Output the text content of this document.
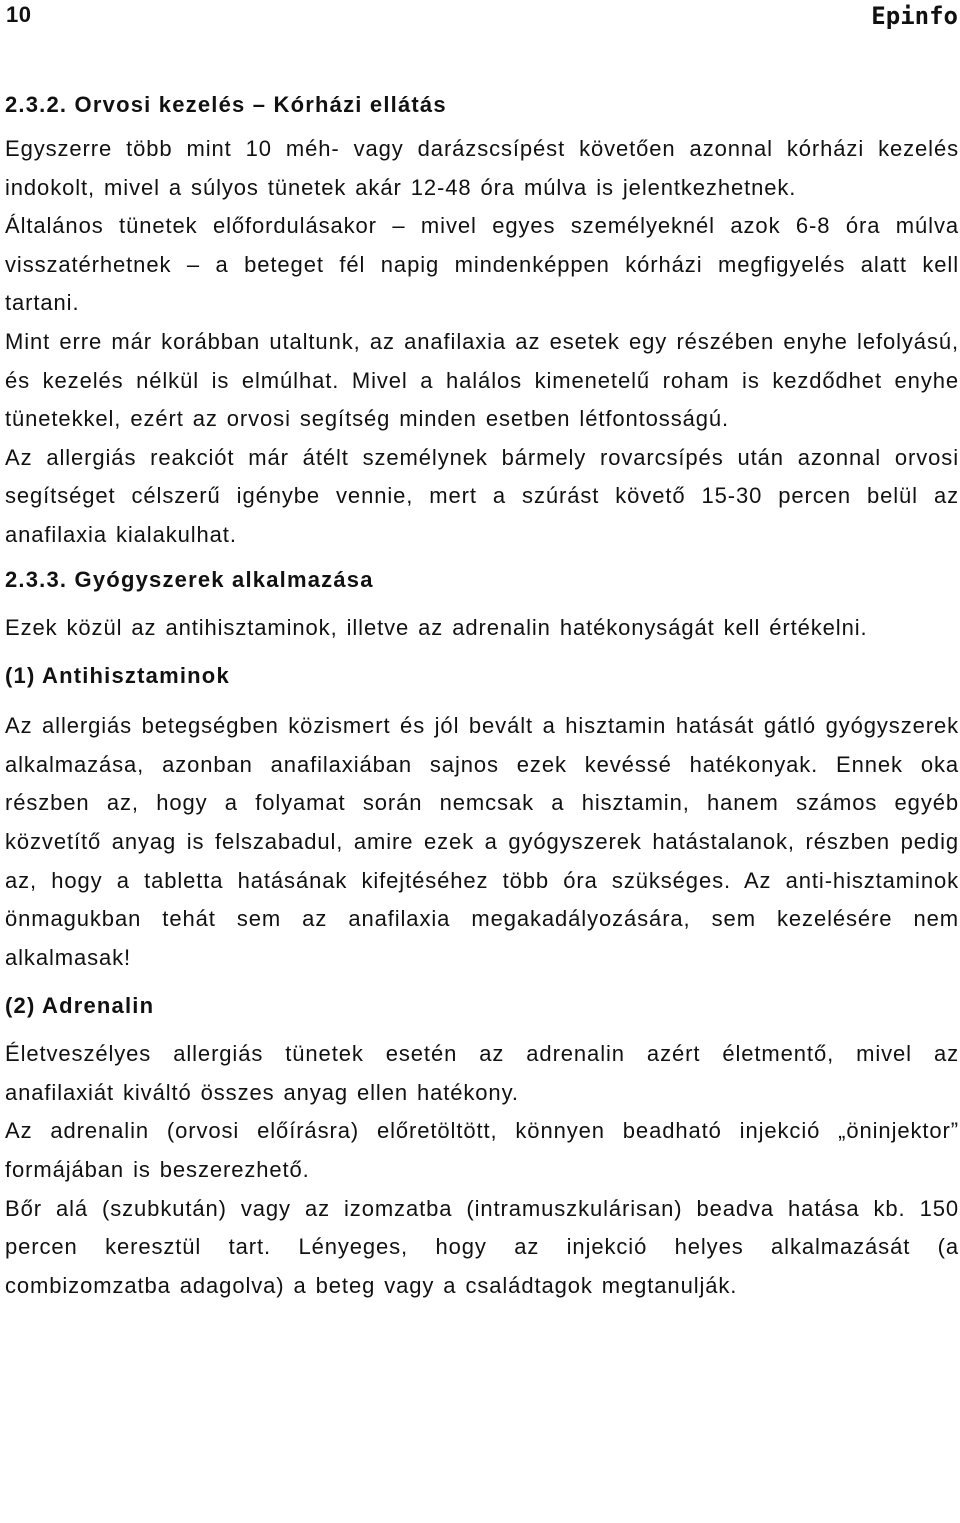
10	Epinfo
2.3.2. Orvosi kezelés – Kórházi ellátás

Egyszerre több mint 10 méh- vagy darázscsípést követően azonnal kórházi kezelés indokolt, mivel a súlyos tünetek akár 12-48 óra múlva is jelentkezhetnek.

Általános tünetek előfordulásakor – mivel egyes személyeknél azok 6-8 óra múlva visszatérhetnek – a beteget fél napig mindenképpen kórházi megfigyelés alatt kell tartani.

Mint erre már korábban utaltunk, az anafilaxia az esetek egy részében enyhe lefolyású, és kezelés nélkül is elmúlhat. Mivel a halálos kimenetelű roham is kezdődhet enyhe tünetekkel, ezért az orvosi segítség minden esetben létfontosságú.

Az allergiás reakciót már átélt személynek bármely rovarcsípés után azonnal orvosi segítséget célszerű igénybe vennie, mert a szúrást követő 15-30 percen belül az anafilaxia kialakulhat.

2.3.3. Gyógyszerek alkalmazása

Ezek közül az antihisztaminok, illetve az adrenalin hatékonyságát kell értékelni.

(1) Antihisztaminok

Az allergiás betegségben közismert és jól bevált a hisztamin hatását gátló gyógyszerek alkalmazása, azonban anafilaxiában sajnos ezek kevéssé hatékonyak. Ennek oka részben az, hogy a folyamat során nemcsak a hisztamin, hanem számos egyéb közvetítő anyag is felszabadul, amire ezek a gyógyszerek hatástalanok, részben pedig az, hogy a tabletta hatásának kifejtéséhez több óra szükséges. Az anti-hisztaminok önmagukban tehát sem az anafilaxia megakadályozására, sem kezelésére nem alkalmasak!

(2) Adrenalin

Életveszélyes allergiás tünetek esetén az adrenalin azért életmentő, mivel az anafilaxiát kiváltó összes anyag ellen hatékony.

Az adrenalin (orvosi előírásra) előretöltött, könnyen beadható injekció „öninjektor” formájában is beszerezhető.

Bőr alá (szubkután) vagy az izomzatba (intramuszkulárisan) beadva hatása kb. 150 percen keresztül tart. Lényeges, hogy az injekció helyes alkalmazását (a combizomzatba adagolva) a beteg vagy a családtagok megtanulják.
